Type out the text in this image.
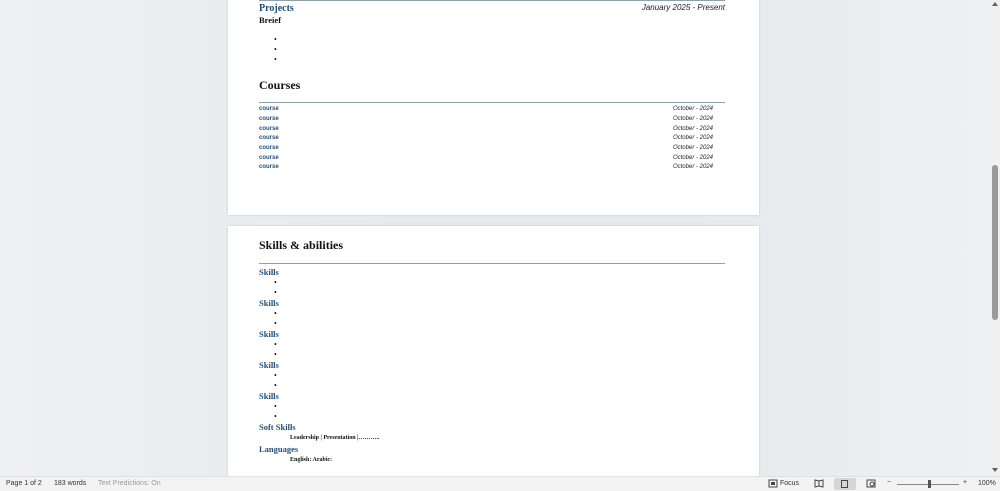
Projects	January 2025 - Present
Breief
•
•
•
Courses
course	October - 2024
course	October - 2024
course	October - 2024
course	October - 2024
course	October - 2024
course	October - 2024
course	October - 2024
Skills & abilities
Skills
•
•
Skills
•
•
Skills
•
•
Skills
•
•
Skills
•
•
Soft Skills
Leadership | Presentation |………..
Languages
English: Arabic:
Page 1 of 2 183 words Text Predictions: On	Focus	−	+ 100%
